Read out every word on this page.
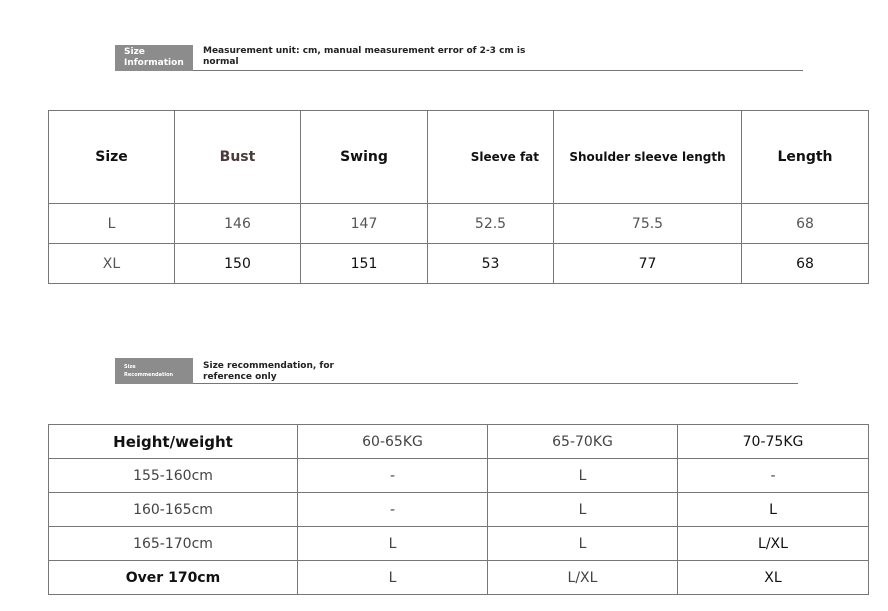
Size
Information
Measurement unit: cm, manual measurement error of 2-3 cm is
normal
Size	Bust	Swing	Sleeve fat	Shoulder sleeve length	Length
L	146	147	52.5	75.5	68
XL	150	151	53	77	68
Size
Recommendation
Size recommendation, for
reference only
Height/weight	60-65KG	65-70KG	70-75KG
155-160cm	-	L	-
160-165cm	-	L	L
165-170cm	L	L	L/XL
Over 170cm	L	L/XL	XL
